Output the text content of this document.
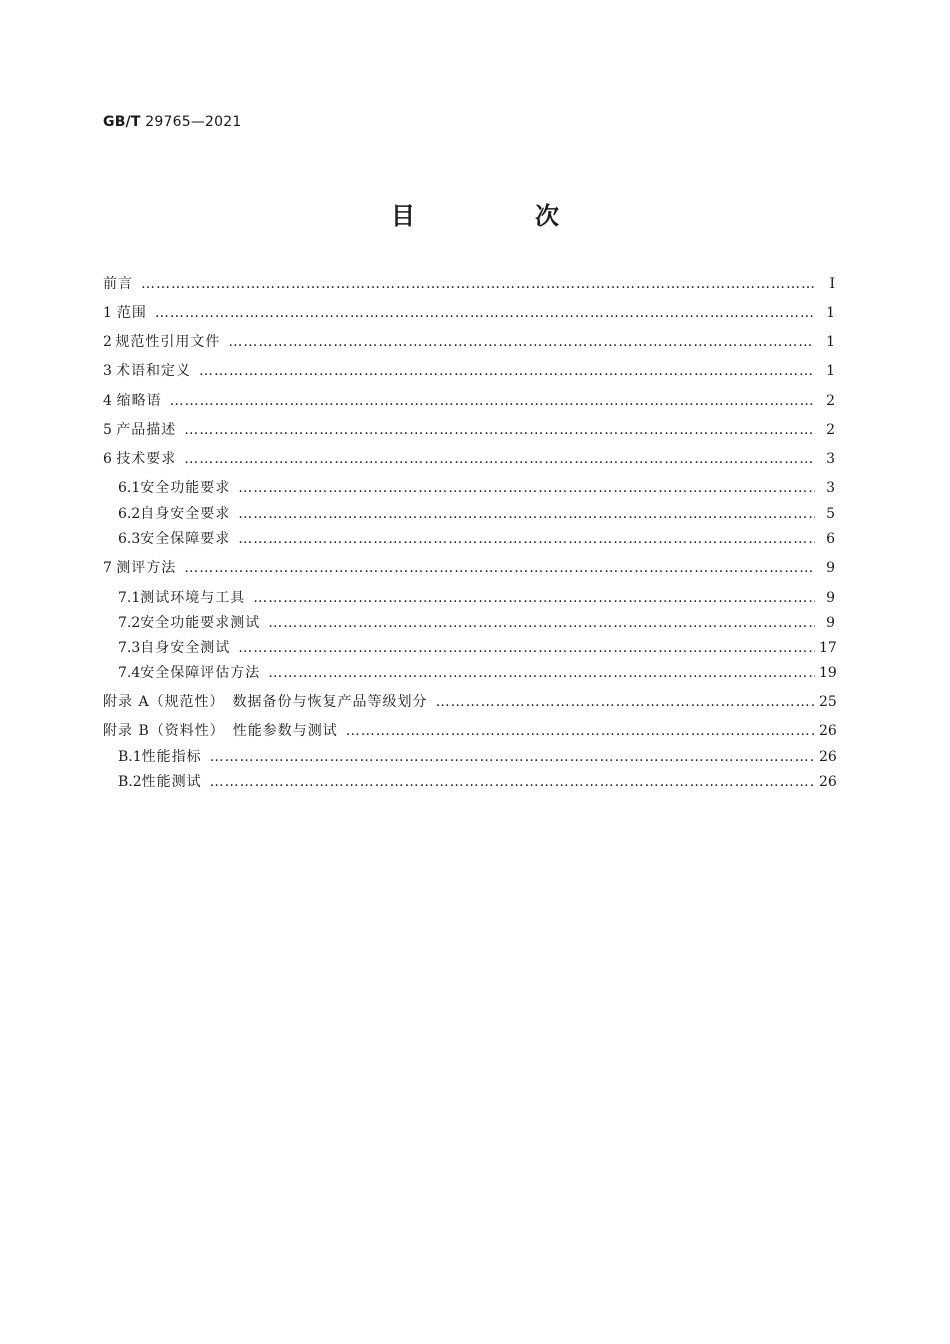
GB/T 29765—2021
目　次
前言 …………………………………………………………………………………………………………………………………………………………………………………………………………	Ⅰ
1 范围 …………………………………………………………………………………………………………………………………………………………………………………………………………	1
2 规范性引用文件 …………………………………………………………………………………………………………………………………………………………………………………………………………	1
3 术语和定义 …………………………………………………………………………………………………………………………………………………………………………………………………………	1
4 缩略语 …………………………………………………………………………………………………………………………………………………………………………………………………………	2
5 产品描述 …………………………………………………………………………………………………………………………………………………………………………………………………………	2
6 技术要求 …………………………………………………………………………………………………………………………………………………………………………………………………………	3
6.1 安全功能要求 …………………………………………………………………………………………………………………………………………………………………………………………………………	3
6.2 自身安全要求 …………………………………………………………………………………………………………………………………………………………………………………………………………	5
6.3 安全保障要求 …………………………………………………………………………………………………………………………………………………………………………………………………………	6
7 测评方法 …………………………………………………………………………………………………………………………………………………………………………………………………………	9
7.1 测试环境与工具 …………………………………………………………………………………………………………………………………………………………………………………………………………	9
7.2 安全功能要求测试 …………………………………………………………………………………………………………………………………………………………………………………………………………	9
7.3 自身安全测试 …………………………………………………………………………………………………………………………………………………………………………………………………………	17
7.4 安全保障评估方法 …………………………………………………………………………………………………………………………………………………………………………………………………………	19
附录 A（规范性）　数据备份与恢复产品等级划分 …………………………………………………………………………………………………………………………………………………………………………………………………………	25
附录 B（资料性）　性能参数与测试 …………………………………………………………………………………………………………………………………………………………………………………………………………	26
B.1 性能指标 …………………………………………………………………………………………………………………………………………………………………………………………………………	26
B.2 性能测试 …………………………………………………………………………………………………………………………………………………………………………………………………………	26
